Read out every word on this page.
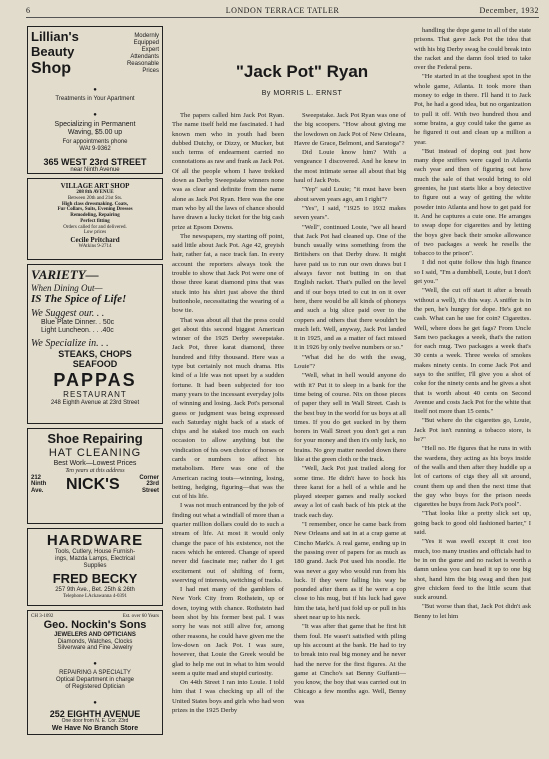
6	LONDON TERRACE TATLER	December, 1932
Lillian's Beauty
Shop
Modernly Equipped
Expert Attendants
Reasonable Prices
●
Treatments in Your Apartment
●
Specializing in Permanent
Waving, $5.00 up
For appointments phone
WAt 9-9362
365 WEST 23rd STREET
near Ninth Avenue
VILLAGE ART SHOP
208 8th AVENUE
Between 20th and 21st Sts.
High class dressmaking. Coats,
Fur Collars, Suits, Evening Dresses
Remodeling, Repairing
Perfect fitting
Orders called for and delivered.
Low prices
Cecile Pritchard
WAtkins 9-2714
VARIETY—
When Dining Out—
IS The Spice of Life!
We Suggest our. . .
Blue Plate Dinner. . 50c
Light Luncheon. . . .40c
We Specialize in. . .
STEAKS, CHOPS
SEAFOOD
PAPPAS
RESTAURANT
248 Eighth Avenue at 23rd Street
Shoe Repairing
HAT CLEANING
Best Work—Lowest Prices
Ten years at this address
212
Ninth
Ave. NICK'S	Corner
23rd
Street
HARDWARE
Tools, Cutlery, House Furnish-
ings, Mazda Lamps, Electrical
Supplies
FRED BECKY
257 9th Ave., Bet. 25th & 26th
Telephone LAckawanna 4-0391
CH 3-1092	Est. over 60 Years
Geo. Nockin's Sons
JEWELERS AND OPTICIANS
Diamonds, Watches, Clocks
Silverware and Fine Jewelry
●
REPAIRING A SPECIALTY
Optical Department in charge
of Registered Optician
●
252 EIGHTH AVENUE
One door from N. E. Cor. 23rd
We Have No Branch Store
"Jack Pot" Ryan
By MORRIS L. ERNST

The papers called him Jack Pot Ryan. The name itself held me fascinated. I had known men who in youth had been dubbed Dutchy, or Dizzy, or Mucker, but such terms of endearment carried no connotations as raw and frank as Jack Pot. Of all the people whom I have trekked down as Derby Sweepstake winners none was as clear and definite from the name alone as Jack Pot Ryan. Here was the one man who by all the laws of chance should have drawn a lucky ticket for the big cash prize at Epsom Downs.

The newspapers, my starting off point, said little about Jack Pot. Age 42, greyish hair, rather fat, a race track fan. In every account the reporters always took the trouble to show that Jack Pot were one of those three karat diamond pins that was stuck into his shirt just above the third buttonhole, necessitating the wearing of a bow tie.

That was about all that the press could get about this second biggest American winner of the 1925 Derby sweepstake. Jack Pot, three karat diamond, three hundred and fifty thousand. Here was a type but certainly not much drama. His kind of a life was not upset by a sudden fortune. It had been subjected for too many years to the incessant everyday jolts of winning and losing. Jack Pot's personal guess or judgment was being expressed each Saturday night back of a stack of chips and he staked too much on each occasion to allow anything but the vindication of his own choice of horses or cards or numbers to affect his metabolism. Here was one of the American racing touts—winning, losing, betting, hedging, figuring—that was the cut of his life.

I was not much entranced by the job of finding out what a windfall of more than a quarter million dollars could do to such a stream of life. At most it would only change the pace of his existence, not the races which he entered. Change of speed never did fascinate me; rather do I get excitement out of shifting of form, swerving of interests, switching of tracks.

I had met many of the gamblers of New York City from Rothstein, up or down, toying with chance. Rothstein had been shot by his former best pal. I was sorry he was not still alive for, among other reasons, he could have given me the low-down on Jack Pot. I was sure, however, that Louie the Greek would be glad to help me out in what to him would seem a quite mad and stupid curiosity.

On 44th Street I ran into Louie. I told him that I was checking up all of the United States boys and girls who had won prizes in the 1925 Derby

Sweepstake. Jack Pot Ryan was one of the big scoopers. "How about giving me the lowdown on Jack Pot of New Orleans, Havre de Grace, Belmont, and Saratoga"?

Did Louie know him? With a vengeance I discovered. And he knew in the most intimate sense all about that big haul of Jack Pots.

"Yep" said Louie; "it must have been about seven years ago, am I right"?

"Yes", I said, "1925 to 1932 makes seven years".

"Well", continued Louie, "we all heard that Jack Pot had cleaned up. One of the bunch usually wins something from the Britishers on that Derby draw. It might have paid us to run our own draws but I always favor not butting in on that English racket. That's pulled on the level and if our boys tried to cut in on it over here, there would be all kinds of phoneys and such a big slice paid over to the coppers and others that there wouldn't be much left. Well, anyway, Jack Pot landed it in 1925, and as a matter of fact missed it in 1926 by only twelve numbers or so."

"What did he do with the swag, Louie"?

"Well, what in hell would anyone do with it? Put it to sleep in a bank for the time being of course. Nix on those pieces of paper they sell in Wall Street. Cash is the best buy in the world for us boys at all times. If you do get sucked in by them borers in Wall Street you don't get a run for your money and then it's only luck, no brains. No grey matter needed down there like at the green cloth or the track.

"Well, Jack Pot just trailed along for some time. He didn't have to hock his three karat for a hell of a while and he played steeper games and really socked away a lot of cash back of his pick at the track each day.

"I remember, once he came back from New Orleans and sat in at a crap game at Cincho Mark's. A real game, ending up in the passing over of papers for as much as 180 grand. Jack Pot used his noodle. He was never a guy who would run from his luck. If they were falling his way he pounded after them as if he were a cop close to his mug, but if his luck had gave him the tata, he'd just fold up or pull in his sheet near up to his neck.

"It was after that game that he first hit them foul. He wasn't satisfied with piling up his account at the bank. He had to try to break into real big money and he never had the nerve for the first figures. At the game at Cincho's sat Benny Guffanti—you know, the boy that was carried out in Chicago a few months ago. Well, Benny was

handling the dope game in all of the state prisons. That gave Jack Pot the idea that with his big Derby swag he could break into the racket and the damn fool tried to take over the Federal pens.

"He started in at the toughest spot in the whole game, Atlanta. It took more than money to edge in there. I'll hand it to Jack Pot, he had a good idea, but no organization to pull it off. With two hundred thou and some brains, a guy could take the game as he figured it out and clean up a million a year.

"But instead of doping out just how many dope sniffers were caged in Atlanta each year and then of figuring out how much the sale of that would bring to old greenies, he just starts like a boy detective to figure out a way of getting the white powder into Atlanta and how to get paid for it. And he captures a cute one. He arranges to swap dope for cigarettes and by letting the boys give back their smoke allowance of two packages a week he resells the tobacco to the prison".

I did not quite follow this high finance so I said, "I'm a dumbbell, Louie, but I don't get you."

"Well, the cut off start it after a breath without a well), it's this way. A sniffer is in the pen, he's hungry for dope. He's got no cash. What can he use for coin? Cigarettes. Well, where does he get fags? From Uncle Sam two packages a week, that's the ration for each mug. Two packages a week that's 30 cents a week. Three weeks of smokes makes ninety cents. In come Jack Pot and says to the sniffer, I'll give you a shot of coke for the ninety cents and he gives a shot that is worth about 40 cents on Second Avenue and costs Jack Pot for the white that itself not more than 15 cents."

"But where do the cigarettes go, Louie, Jack Pot isn't running a tobacco store, is he?"

"Hell no. He figures that he runs in with the wardens, they acting as his boys inside of the walls and then after they huddle up a lot of cartons of cigs they all sit around, count them up and then the next time that the guy who buys for the prison needs cigarettes he buys from Jack Pot's pool".

"That looks like a pretty slick set up, going back to good old fashioned barter," I said.

"Yes it was swell except it cost too much, too many trusties and officials had to be in on the game and no racket is worth a damn unless you can head it up to one big shot, hand him the big swag and then just give chicken feed to the little scum that suck around.

"But worse than that, Jack Pot didn't ask Benny to let him
